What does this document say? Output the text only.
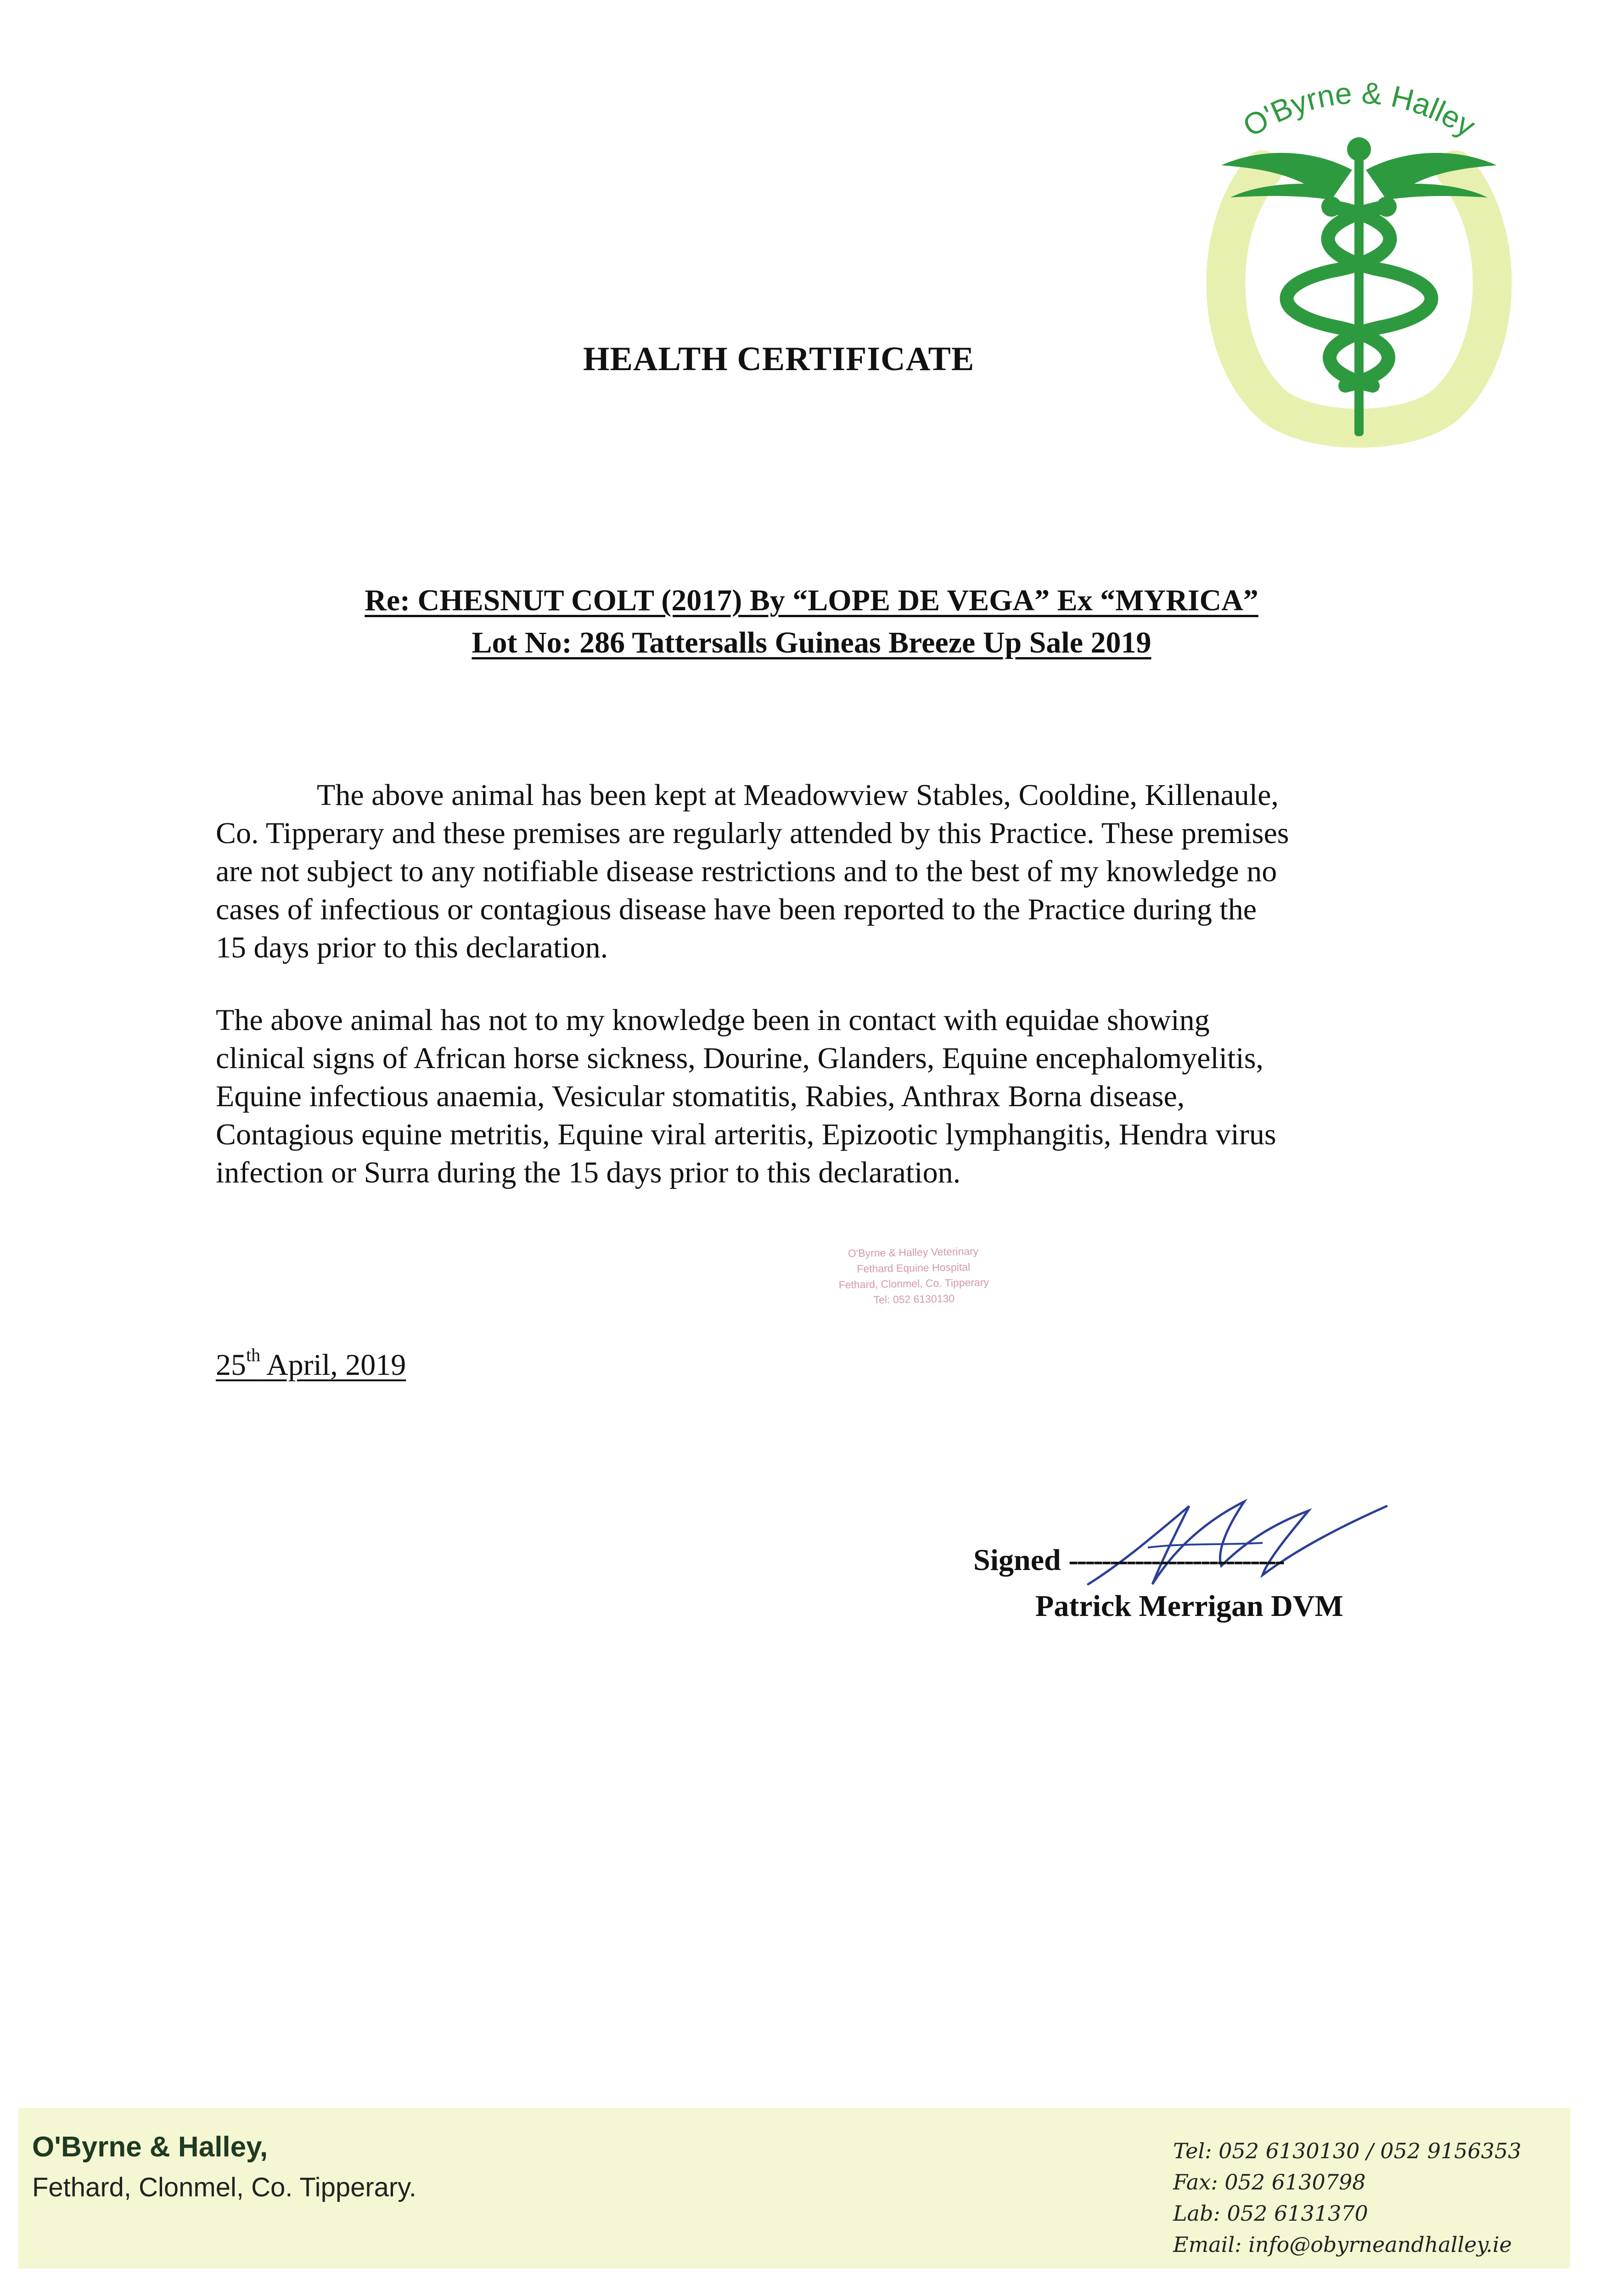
O'Byrne & Halley
HEALTH CERTIFICATE
Re: CHESNUT COLT (2017) By “LOPE DE VEGA” Ex “MYRICA”
Lot No: 286 Tattersalls Guineas Breeze Up Sale 2019
The above animal has been kept at Meadowview Stables, Cooldine, Killenaule,
Co. Tipperary and these premises are regularly attended by this Practice. These premises
are not subject to any notifiable disease restrictions and to the best of my knowledge no
cases of infectious or contagious disease have been reported to the Practice during the
15 days prior to this declaration.
The above animal has not to my knowledge been in contact with equidae showing
clinical signs of African horse sickness, Dourine, Glanders, Equine encephalomyelitis,
Equine infectious anaemia, Vesicular stomatitis, Rabies, Anthrax Borna disease,
Contagious equine metritis, Equine viral arteritis, Epizootic lymphangitis, Hendra virus
infection or Surra during the 15 days prior to this declaration.
O'Byrne & Halley Veterinary
Fethard Equine Hospital
Fethard, Clonmel, Co. Tipperary
Tel: 052 6130130
25th April, 2019
Signed --------------------------
Patrick Merrigan DVM
O'Byrne & Halley,
Fethard, Clonmel, Co. Tipperary.
Tel: 052 6130130 / 052 9156353
Fax: 052 6130798
Lab: 052 6131370
Email: info@obyrneandhalley.ie
